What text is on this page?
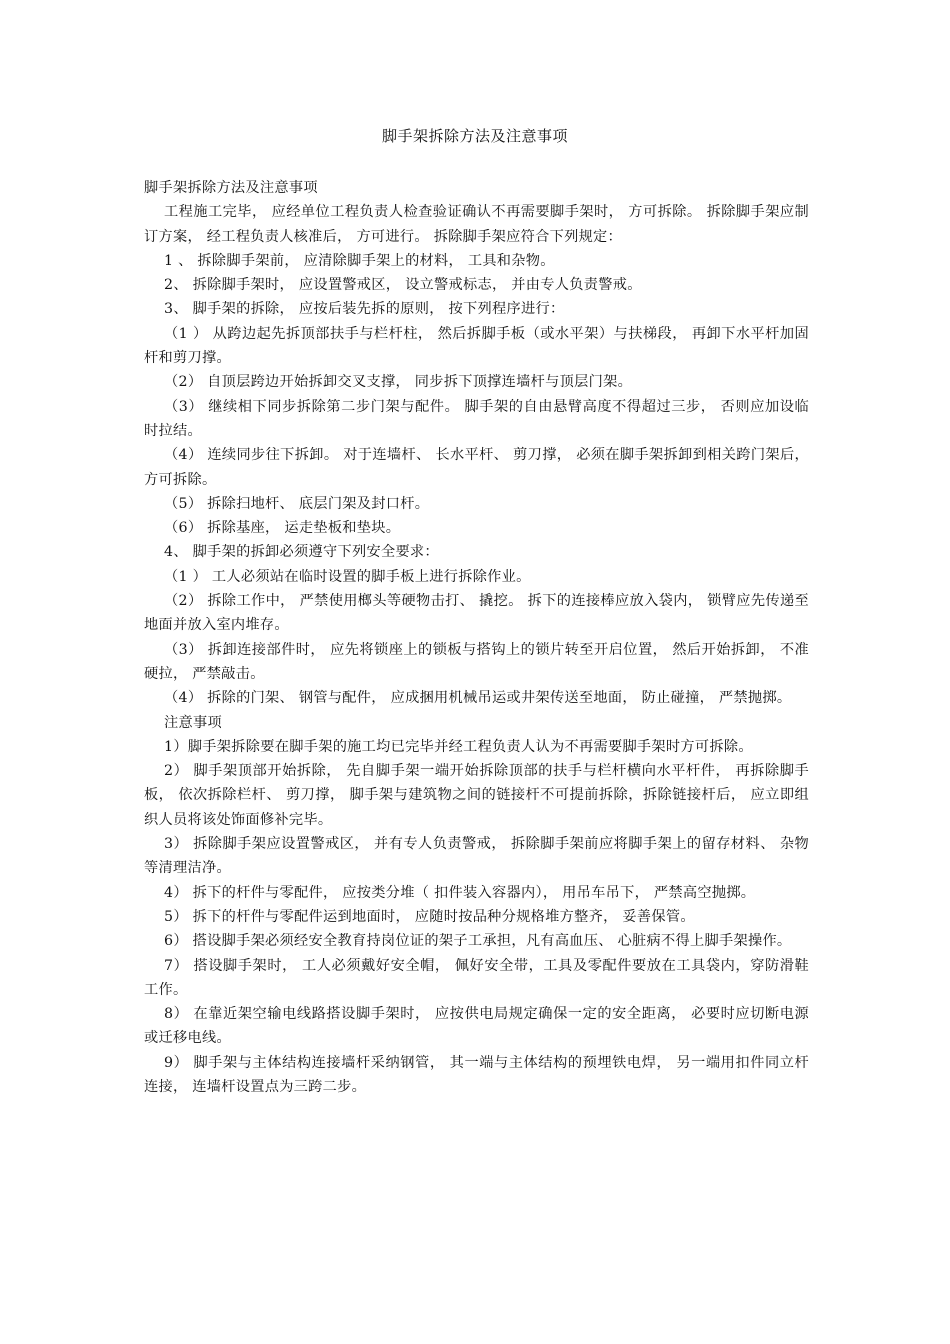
脚手架拆除方法及注意事项

脚手架拆除方法及注意事项

工程施工完毕， 应经单位工程负责人检查验证确认不再需要脚手架时， 方可拆除。 拆除脚手架应制订方案， 经工程负责人核准后， 方可进行。 拆除脚手架应符合下列规定：

1 、 拆除脚手架前， 应清除脚手架上的材料， 工具和杂物。

2、 拆除脚手架时， 应设置警戒区， 设立警戒标志， 并由专人负责警戒。

3、 脚手架的拆除， 应按后装先拆的原则， 按下列程序进行：

（1 ） 从跨边起先拆顶部扶手与栏杆柱， 然后拆脚手板（或水平架）与扶梯段， 再卸下水平杆加固杆和剪刀撑。

（2） 自顶层跨边开始拆卸交叉支撑， 同步拆下顶撑连墙杆与顶层门架。

（3） 继续相下同步拆除第二步门架与配件。 脚手架的自由悬臂高度不得超过三步， 否则应加设临时拉结。

（4） 连续同步往下拆卸。 对于连墙杆、 长水平杆、 剪刀撑， 必须在脚手架拆卸到相关跨门架后， 方可拆除。

（5） 拆除扫地杆、 底层门架及封口杆。

（6） 拆除基座， 运走垫板和垫块。

4、 脚手架的拆卸必须遵守下列安全要求：

（1 ） 工人必须站在临时设置的脚手板上进行拆除作业。

（2） 拆除工作中， 严禁使用榔头等硬物击打、 撬挖。 拆下的连接棒应放入袋内， 锁臂应先传递至地面并放入室内堆存。

（3） 拆卸连接部件时， 应先将锁座上的锁板与搭钩上的锁片转至开启位置， 然后开始拆卸， 不准硬拉， 严禁敲击。

（4） 拆除的门架、 钢管与配件， 应成捆用机械吊运或井架传送至地面， 防止碰撞， 严禁抛掷。

注意事项

1）脚手架拆除要在脚手架的施工均已完毕并经工程负责人认为不再需要脚手架时方可拆除。

2） 脚手架顶部开始拆除， 先自脚手架一端开始拆除顶部的扶手与栏杆横向水平杆件， 再拆除脚手板， 依次拆除栏杆、 剪刀撑， 脚手架与建筑物之间的链接杆不可提前拆除，拆除链接杆后， 应立即组织人员将该处饰面修补完毕。

3） 拆除脚手架应设置警戒区， 并有专人负责警戒， 拆除脚手架前应将脚手架上的留存材料、 杂物等清理洁净。

4） 拆下的杆件与零配件， 应按类分堆（ 扣件装入容器内）， 用吊车吊下， 严禁高空抛掷。

5） 拆下的杆件与零配件运到地面时， 应随时按品种分规格堆方整齐， 妥善保管。

6） 搭设脚手架必须经安全教育持岗位证的架子工承担，凡有高血压、 心脏病不得上脚手架操作。

7） 搭设脚手架时， 工人必须戴好安全帽， 佩好安全带，工具及零配件要放在工具袋内，穿防滑鞋工作。

8） 在靠近架空输电线路搭设脚手架时， 应按供电局规定确保一定的安全距离， 必要时应切断电源或迁移电线。

9） 脚手架与主体结构连接墙杆采纳钢管， 其一端与主体结构的预埋铁电焊， 另一端用扣件同立杆连接， 连墙杆设置点为三跨二步。
